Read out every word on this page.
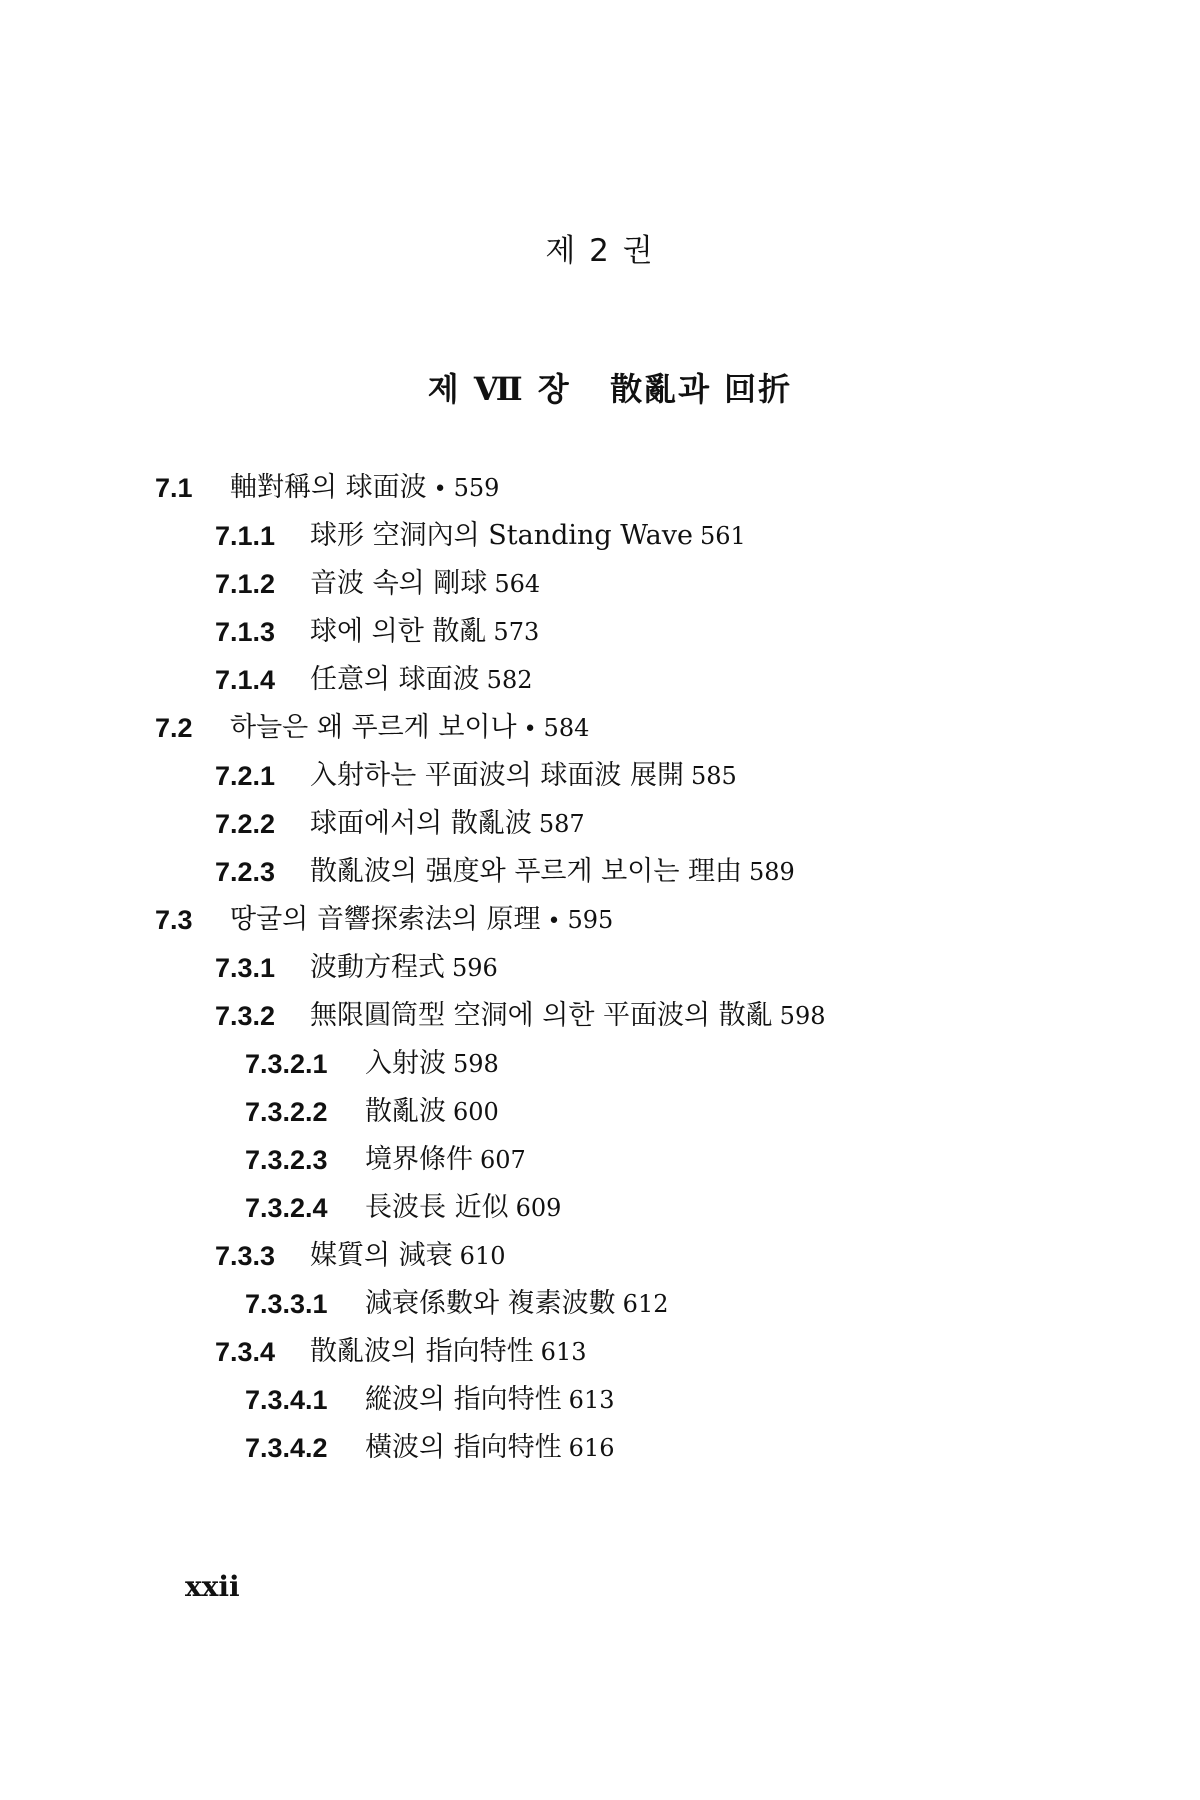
제 2 권
제 Ⅶ 장   散亂과 回折
7.1 軸對稱의 球面波 • 559
7.1.1 球形 空洞內의 Standing Wave 561
7.1.2 音波 속의 剛球 564
7.1.3 球에 의한 散亂 573
7.1.4 任意의 球面波 582
7.2 하늘은 왜 푸르게 보이나 • 584
7.2.1 入射하는 平面波의 球面波 展開 585
7.2.2 球面에서의 散亂波 587
7.2.3 散亂波의 强度와 푸르게 보이는 理由 589
7.3 땅굴의 音響探索法의 原理 • 595
7.3.1 波動方程式 596
7.3.2 無限圓筒型 空洞에 의한 平面波의 散亂 598
7.3.2.1 入射波 598
7.3.2.2 散亂波 600
7.3.2.3 境界條件 607
7.3.2.4 長波長 近似 609
7.3.3 媒質의 減衰 610
7.3.3.1 減衰係數와 複素波數 612
7.3.4 散亂波의 指向特性 613
7.3.4.1 縱波의 指向特性 613
7.3.4.2 橫波의 指向特性 616
xxii
